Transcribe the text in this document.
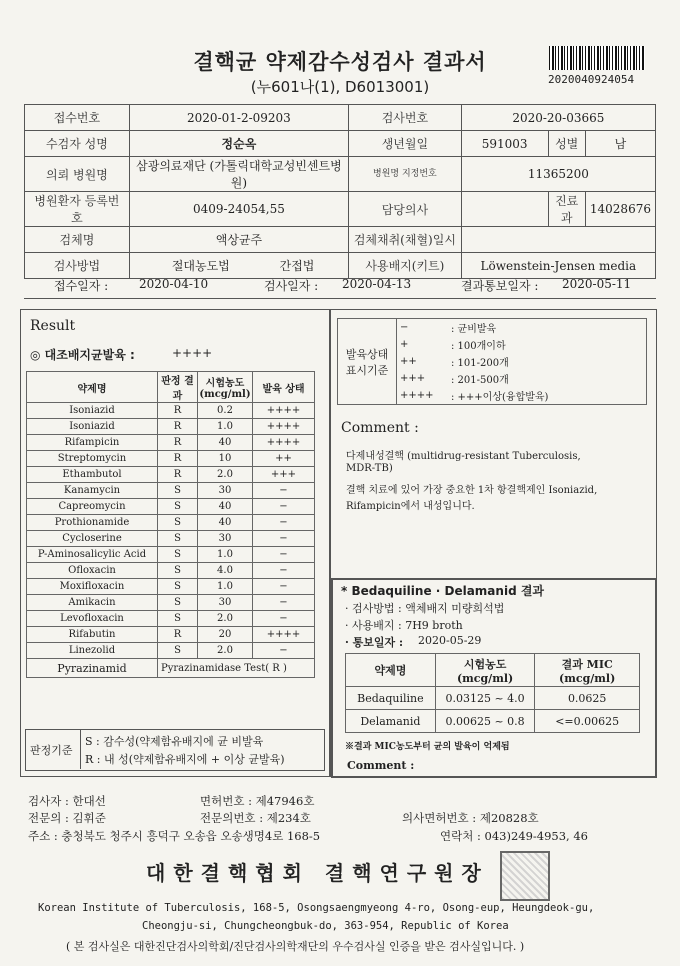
결핵균 약제감수성검사 결과서
(누601나(1), D6013001)	2020040924054
접수번호	2020-01-2-09203	검사번호	2020-20-03665		
수검자 성명	정순옥	생년월일	591003	성별	남
의뢰 병원명	삼광의료재단 (가톨릭대학교성빈센트병원)	병원명 지정번호	11365200		
병원환자 등록번호	0409-24054,55	담당의사		진료과	14028676
검체명	액상균주	검체채취(채혈)일시			
검사방법	절대농도법 간접법	사용배지(키트)	Löwenstein-Jensen media		
접수일자 :	2020-04-10	검사일자 : 2020-04-13	결과통보일자 : 2020-05-11
Result
◎ 대조배지균발육 :	++++
약제명	판정 결과	시험농도 (mcg/ml)	발육 상태
Isoniazid	R	0.2	++++
Isoniazid	R	1.0	++++
Rifampicin	R	40	++++
Streptomycin	R	10	++
Ethambutol	R	2.0	+++
Kanamycin	S	30	−
Capreomycin	S	40	−
Prothionamide	S	40	−
Cycloserine	S	30	−
P-Aminosalicylic Acid	S	1.0	−
Ofloxacin	S	4.0	−
Moxifloxacin	S	1.0	−
Amikacin	S	30	−
Levofloxacin	S	2.0	−
Rifabutin	R	20	++++
Linezolid	S	2.0	−
Pyrazinamid	Pyrazinamidase Test( R )		
판정기준
S : 감수성(약제함유배지에 균 비발육
R : 내 성(약제함유배지에 + 이상 균발육)
발육상태 표시기준	−	: 균비발육
	+	: 100개이하
	++	: 101-200개
	+++	: 201-500개
	++++	: +++이상(융합발육)
Comment :
다제내성결핵 (multidrug-resistant Tuberculosis,
MDR-TB)
결핵 치료에 있어 가장 중요한 1차 항결핵제인 Isoniazid,
Rifampicin에서 내성입니다.
* Bedaquiline · Delamanid 결과
· 검사방법 : 액체배지 미량희석법
· 사용배지 : 7H9 broth
· 통보일자 : 2020-05-29
약제명	시험농도 (mcg/ml)	결과 MIC (mcg/ml)
Bedaquiline	0.03125 ~ 4.0	0.0625
Delamanid	0.00625 ~ 0.8	<=0.00625
※결과 MIC농도부터 균의 발육이 억제됨
Comment :
검사자 : 한대선	면허번호 : 제47946호
전문의 : 김휘준	전문의번호 : 제234호	의사면허번호 : 제20828호
주소 : 충청북도 청주시 흥덕구 오송읍 오송생명4로 168-5	연락처 : 043)249-4953, 46
대한결핵협회 결핵연구원장
Korean Institute of Tuberculosis, 168-5, Osongsaengmyeong 4-ro, Osong-eup, Heungdeok-gu,
Cheongju-si, Chungcheongbuk-do, 363-954, Republic of Korea
( 본 검사실은 대한진단검사의학회/진단검사의학재단의 우수검사실 인증을 받은 검사실입니다. )
